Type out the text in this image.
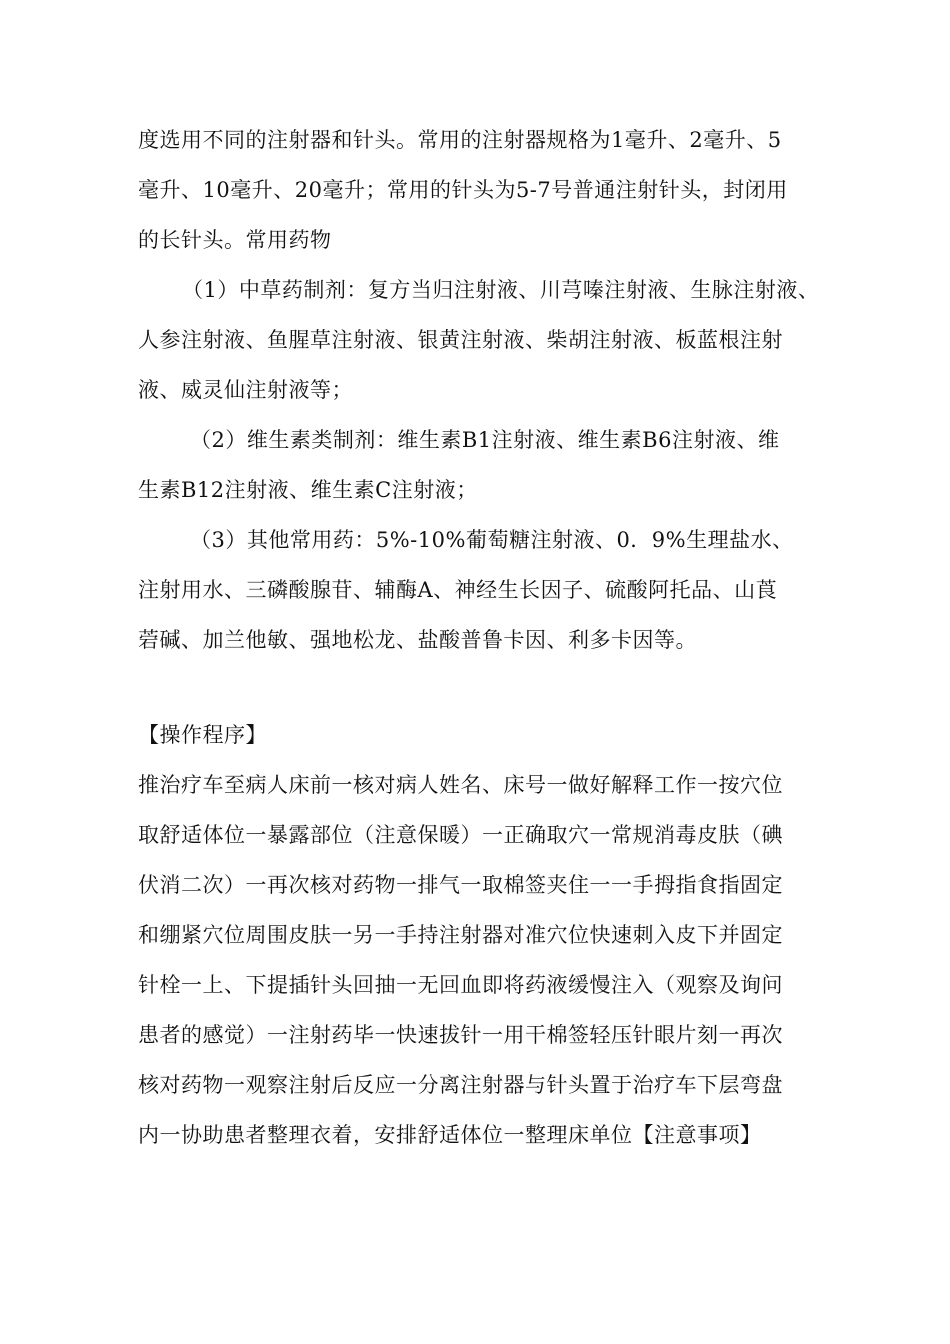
度选用不同的注射器和针头。常用的注射器规格为1毫升、2毫升、5
毫升、10毫升、20毫升；常用的针头为5-7号普通注射针头，封闭用
的长针头。常用药物
（1）中草药制剂：复方当归注射液、川芎嗪注射液、生脉注射液、
人参注射液、鱼腥草注射液、银黄注射液、柴胡注射液、板蓝根注射
液、威灵仙注射液等；
（2）维生素类制剂：维生素B1注射液、维生素B6注射液、维
生素B12注射液、维生素C注射液；
（3）其他常用药：5%-10%葡萄糖注射液、0．9%生理盐水、
注射用水、三磷酸腺苷、辅酶A、神经生长因子、硫酸阿托品、山莨
菪碱、加兰他敏、强地松龙、盐酸普鲁卡因、利多卡因等。
【操作程序】
推治疗车至病人床前一核对病人姓名、床号一做好解释工作一按穴位
取舒适体位一暴露部位（注意保暖）一正确取穴一常规消毒皮肤（碘
伏消二次）一再次核对药物一排气一取棉签夹住一一手拇指食指固定
和绷紧穴位周围皮肤一另一手持注射器对准穴位快速刺入皮下并固定
针栓一上、下提插针头回抽一无回血即将药液缓慢注入（观察及询问
患者的感觉）一注射药毕一快速拔针一用干棉签轻压针眼片刻一再次
核对药物一观察注射后反应一分离注射器与针头置于治疗车下层弯盘
内一协助患者整理衣着，安排舒适体位一整理床单位【注意事项】
